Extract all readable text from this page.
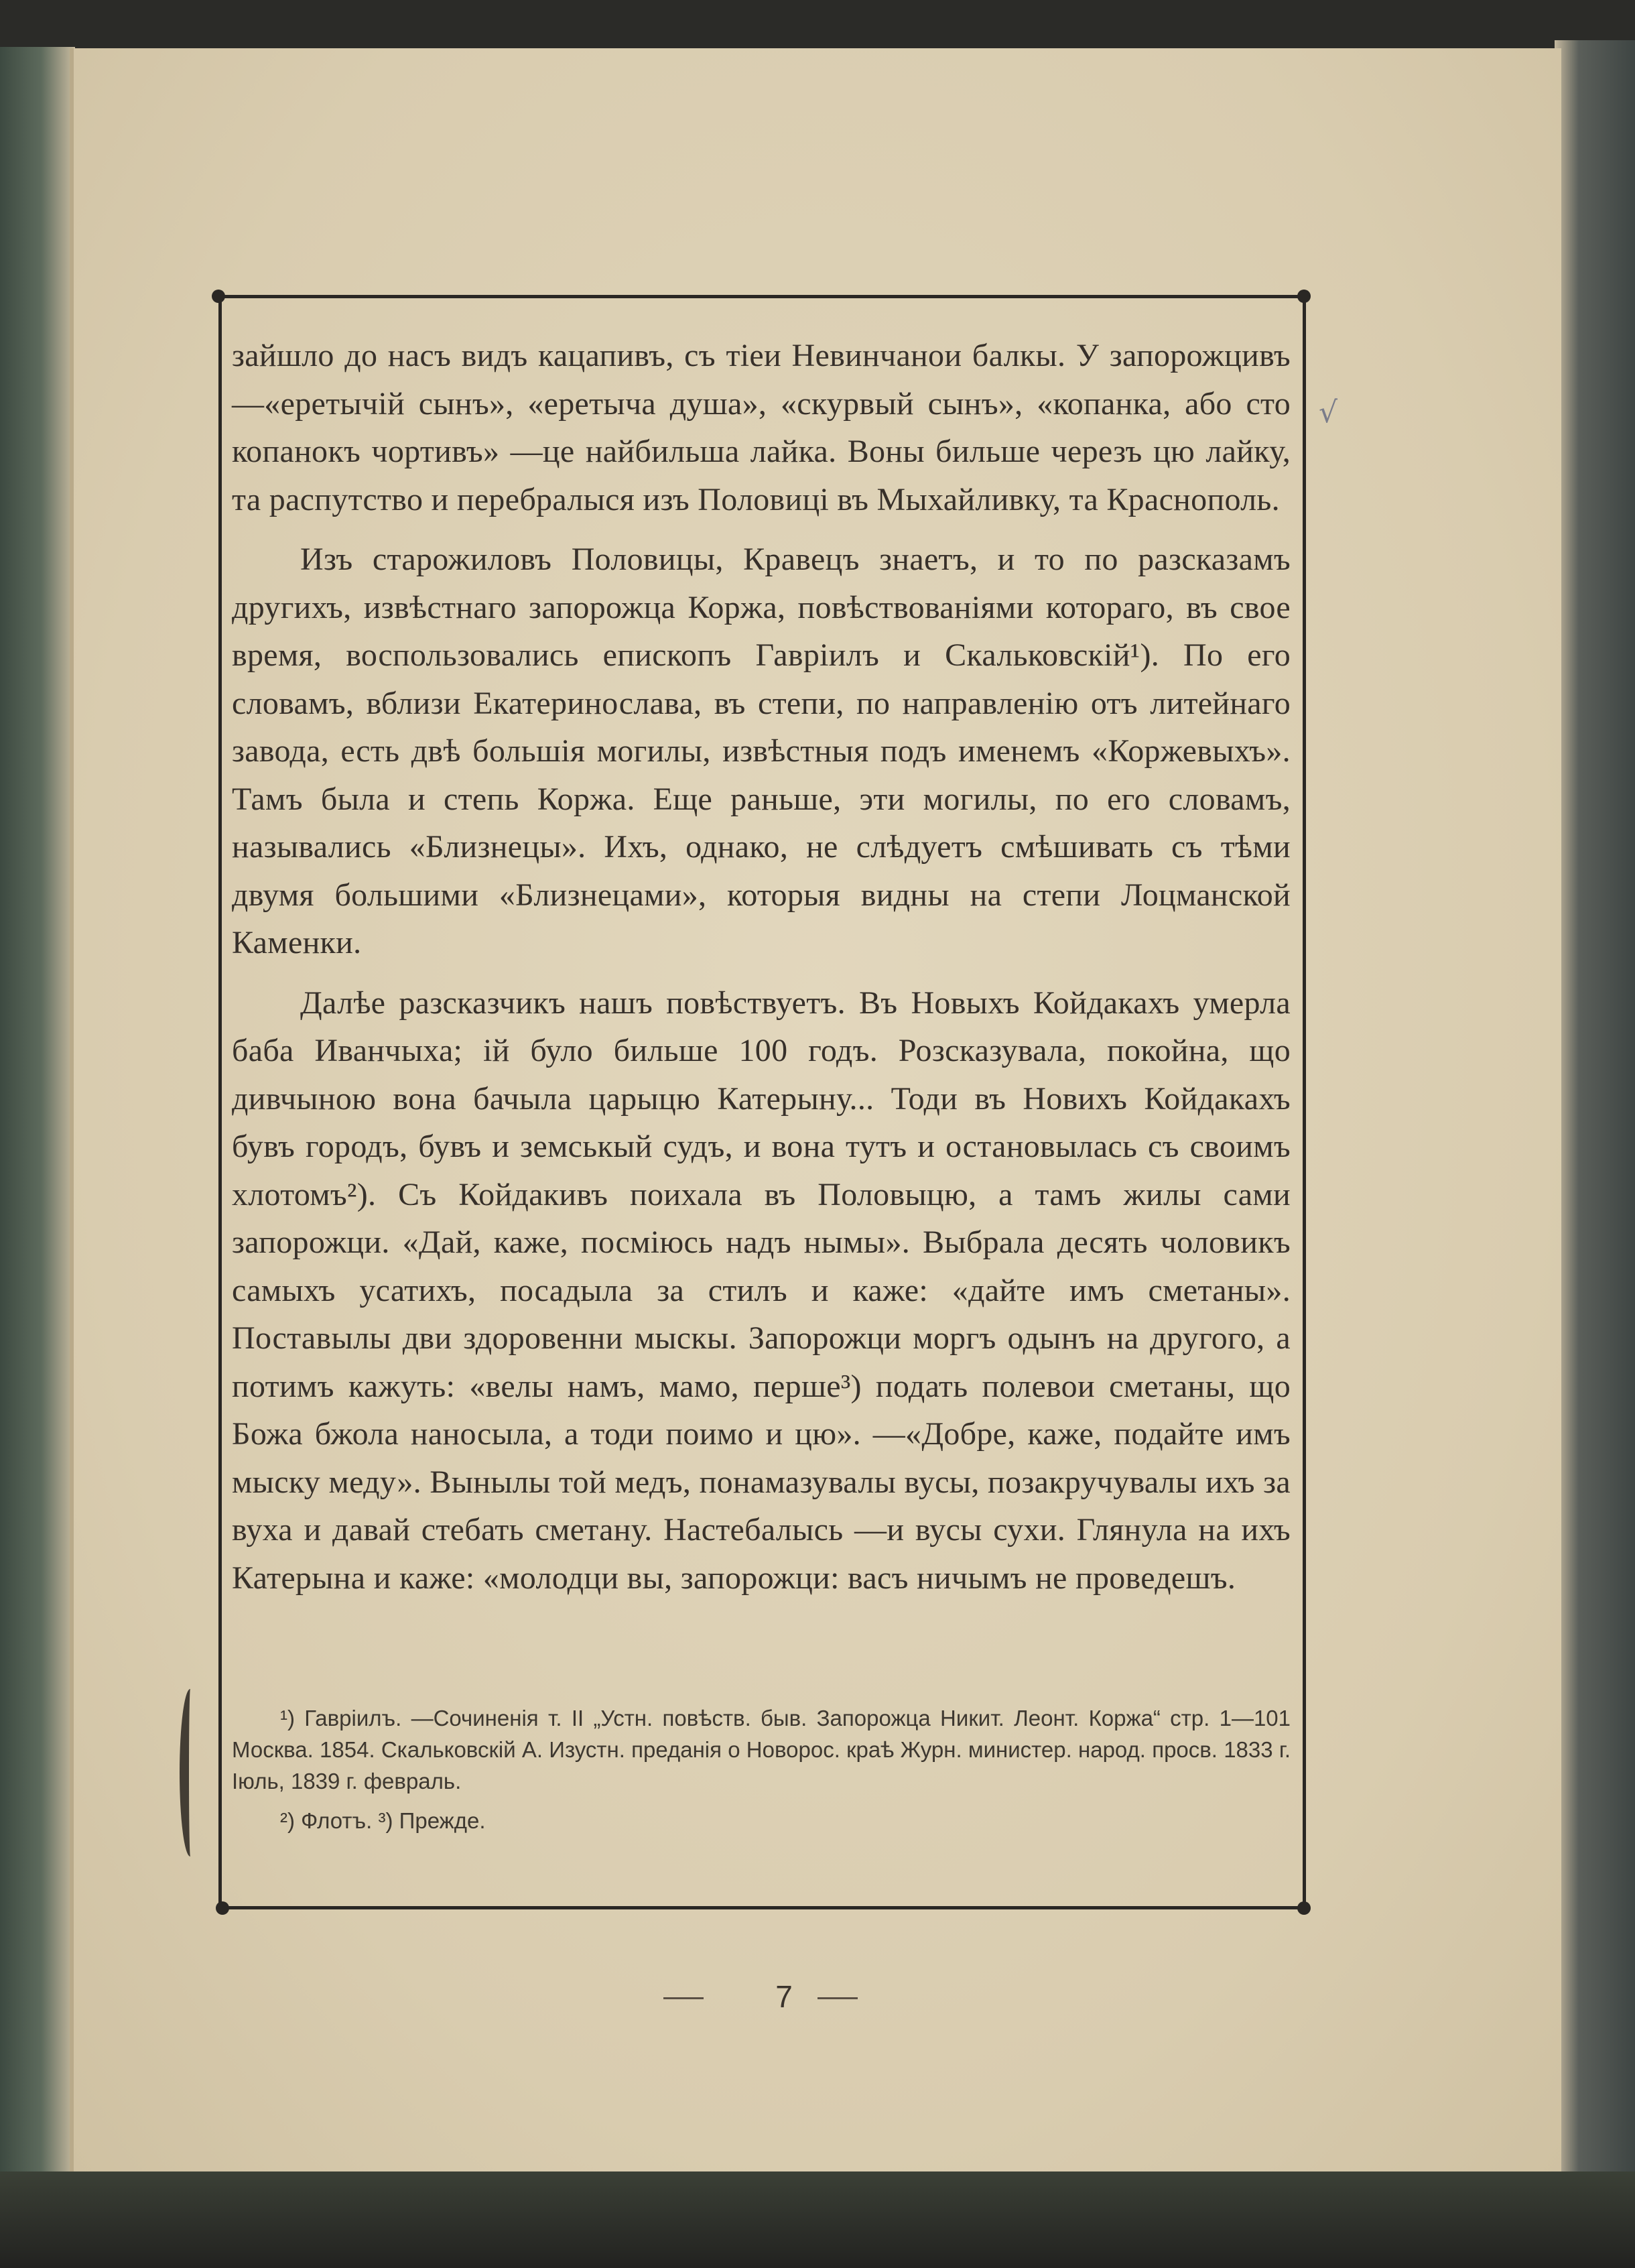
зайшло до насъ видъ кацапивъ, съ тiеи Невинчанои балкы. У запорожцивъ —«еретычiй сынъ», «еретыча душа», «скурвый сынъ», «копанка, або сто копанокъ чортивъ» —це найбильша лайка. Воны бильше черезъ цю лайку, та распутство и перебралыся изъ Половицi въ Мыхайливку, та Краснополь.

Изъ старожиловъ Половицы, Кравецъ знаетъ, и то по разсказамъ другихъ, извѣстнаго запорожца Коржа, повѣствованiями котораго, въ свое время, воспользовались епископъ Гаврiилъ и Скальковскiй¹). По его словамъ, вблизи Екатеринослава, въ степи, по направленiю отъ литейнаго завода, есть двѣ большiя могилы, извѣстныя подъ именемъ «Коржевыхъ». Тамъ была и степь Коржа. Еще раньше, эти могилы, по его словамъ, назывались «Близнецы». Ихъ, однако, не слѣдуетъ смѣшивать съ тѣми двумя большими «Близнецами», которыя видны на степи Лоцманской Каменки.

Далѣе разсказчикъ нашъ повѣствуетъ. Въ Новыхъ Койдакахъ умерла баба Иванчыха; iй було бильше 100 годъ. Розсказувала, покойна, що дивчыною вона бачыла царыцю Катерыну... Тоди въ Новихъ Койдакахъ бувъ городъ, бувъ и земськый судъ, и вона тутъ и остановылась съ своимъ хлотомъ²). Съ Койдакивъ поихала въ Половыцю, а тамъ жилы сами запорожци. «Дай, каже, посмiюсь надъ нымы». Выбрала десять чоловикъ самыхъ усатихъ, посадыла за стилъ и каже: «дайте имъ сметаны». Поставылы дви здоровенни мыскы. Запорожци моргъ одынъ на другого, а потимъ кажуть: «велы намъ, мамо, перше³) подать полевои сметаны, що Божа бжола наносыла, а тоди поимо и цю». —«Добре, каже, подайте имъ мыску меду». Вынылы той медъ, понамазувалы вусы, позакручувалы ихъ за вуха и давай стебать сметану. Настебалысь —и вусы сухи. Глянула на ихъ Катерына и каже: «молодци вы, запорожци: васъ ничымъ не проведешъ.

¹) Гаврiилъ. —Сочиненiя т. II „Устн. повѣств. быв. Запорожца Никит. Леонт. Коржа“ стр. 1—101 Москва. 1854. Скальковскiй А. Изустн. преданiя о Новорос. краѣ Журн. министер. народ. просв. 1833 г. Iюль, 1839 г. февраль.

²) Флотъ. ³) Прежде.

√
7
